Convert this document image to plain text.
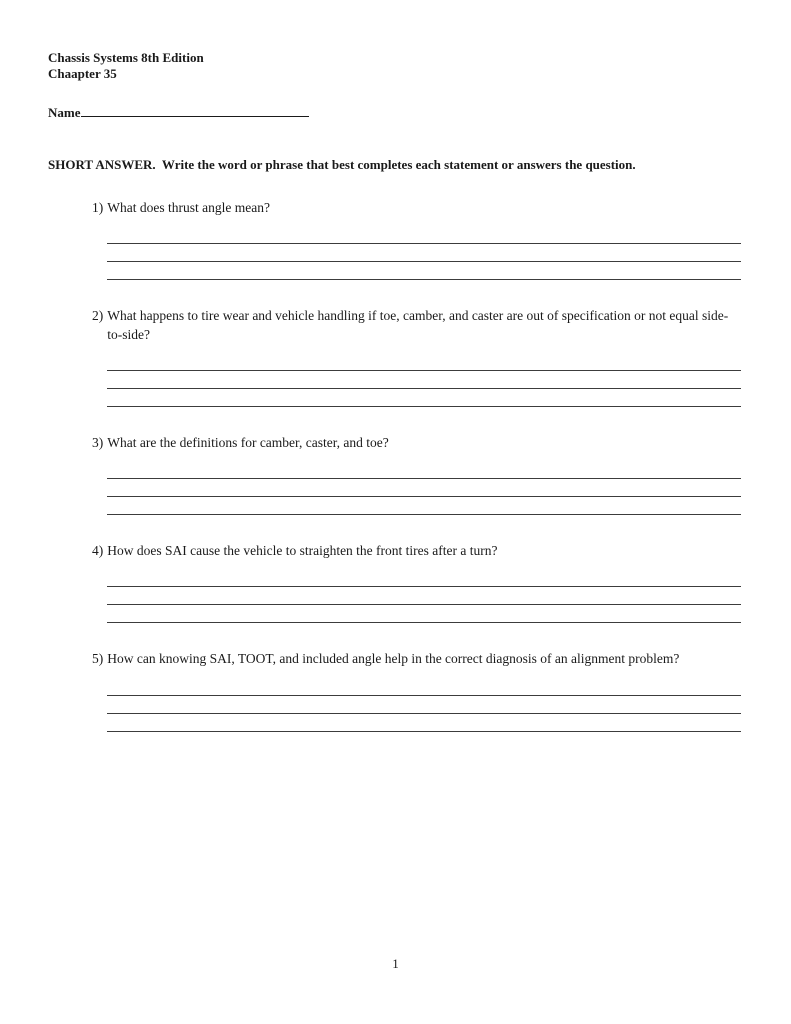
Chassis Systems 8th Edition
Chaapter 35
Name
SHORT ANSWER.  Write the word or phrase that best completes each statement or answers the question.
1) What does thrust angle mean?
2) What happens to tire wear and vehicle handling if toe, camber, and caster are out of specification or not equal side-to-side?
3) What are the definitions for camber, caster, and toe?
4) How does SAI cause the vehicle to straighten the front tires after a turn?
5) How can knowing SAI, TOOT, and included angle help in the correct diagnosis of an alignment problem?
1
